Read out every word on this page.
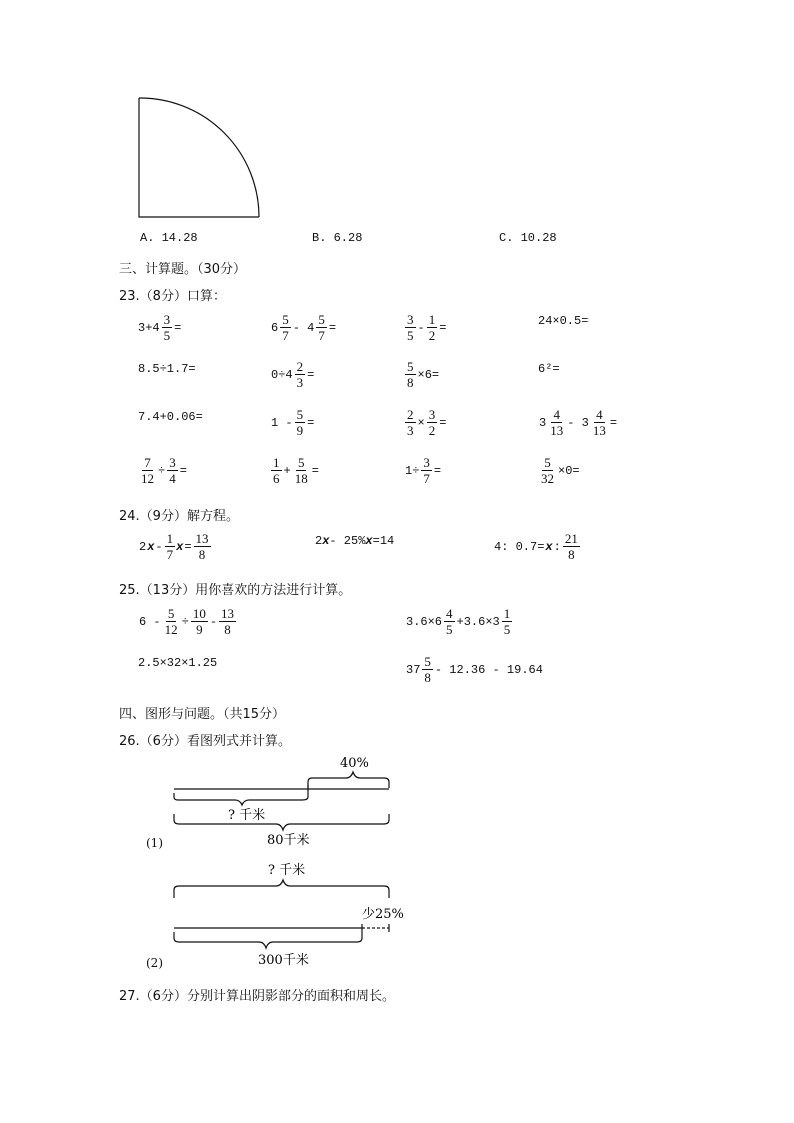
A. 14.28	B. 6.28	C. 10.28
三、计算题。（30分）
23.（8分）口算：
$3+4 \frac{3}{5}$ =	$6 \frac{5}{7} - 4 \frac{5}{7}$ =	$\frac{3}{5} - \frac{1}{2}$ =	24×0.5=
8.5÷1.7=	$0\div 4 \frac{2}{3}$ =	$\frac{5}{8} \times 6=$	6²=
7.4+0.06=	$1 - \frac{5}{9}$ =	$\frac{2}{3} \times \frac{3}{2}$ =	$3 \frac{4}{13} - 3 \frac{4}{13}$ =
$\frac{7}{12} \div \frac{3}{4}$ =	$\frac{1}{6} + \frac{5}{18}$ =	$1\div \frac{3}{7}$ =	$\frac{5}{32} \times 0=$
24.（9分）解方程。
2 x - $\frac{1}{7}$ $x = \frac{13}{8}$	2 x - 25% x =14	4: 0.7= x : $\frac{21}{8}$
25.（13分）用你喜欢的方法进行计算。
$6 - \frac{5}{12} \div \frac{10}{9} - \frac{13}{8}$	$3.6\times 6 \frac{4}{5} +3.6\times 3 \frac{1}{5}$
2.5×32×1.25	$37 \frac{5}{8} - 12.36 - 19.64$
四、图形与问题。（共15分）
26.（6分）看图列式并计算。
40%
? 千米
80千米
(1)
? 千米
少25%
300千米
(2)
27.（6分）分别计算出阴影部分的面积和周长。
